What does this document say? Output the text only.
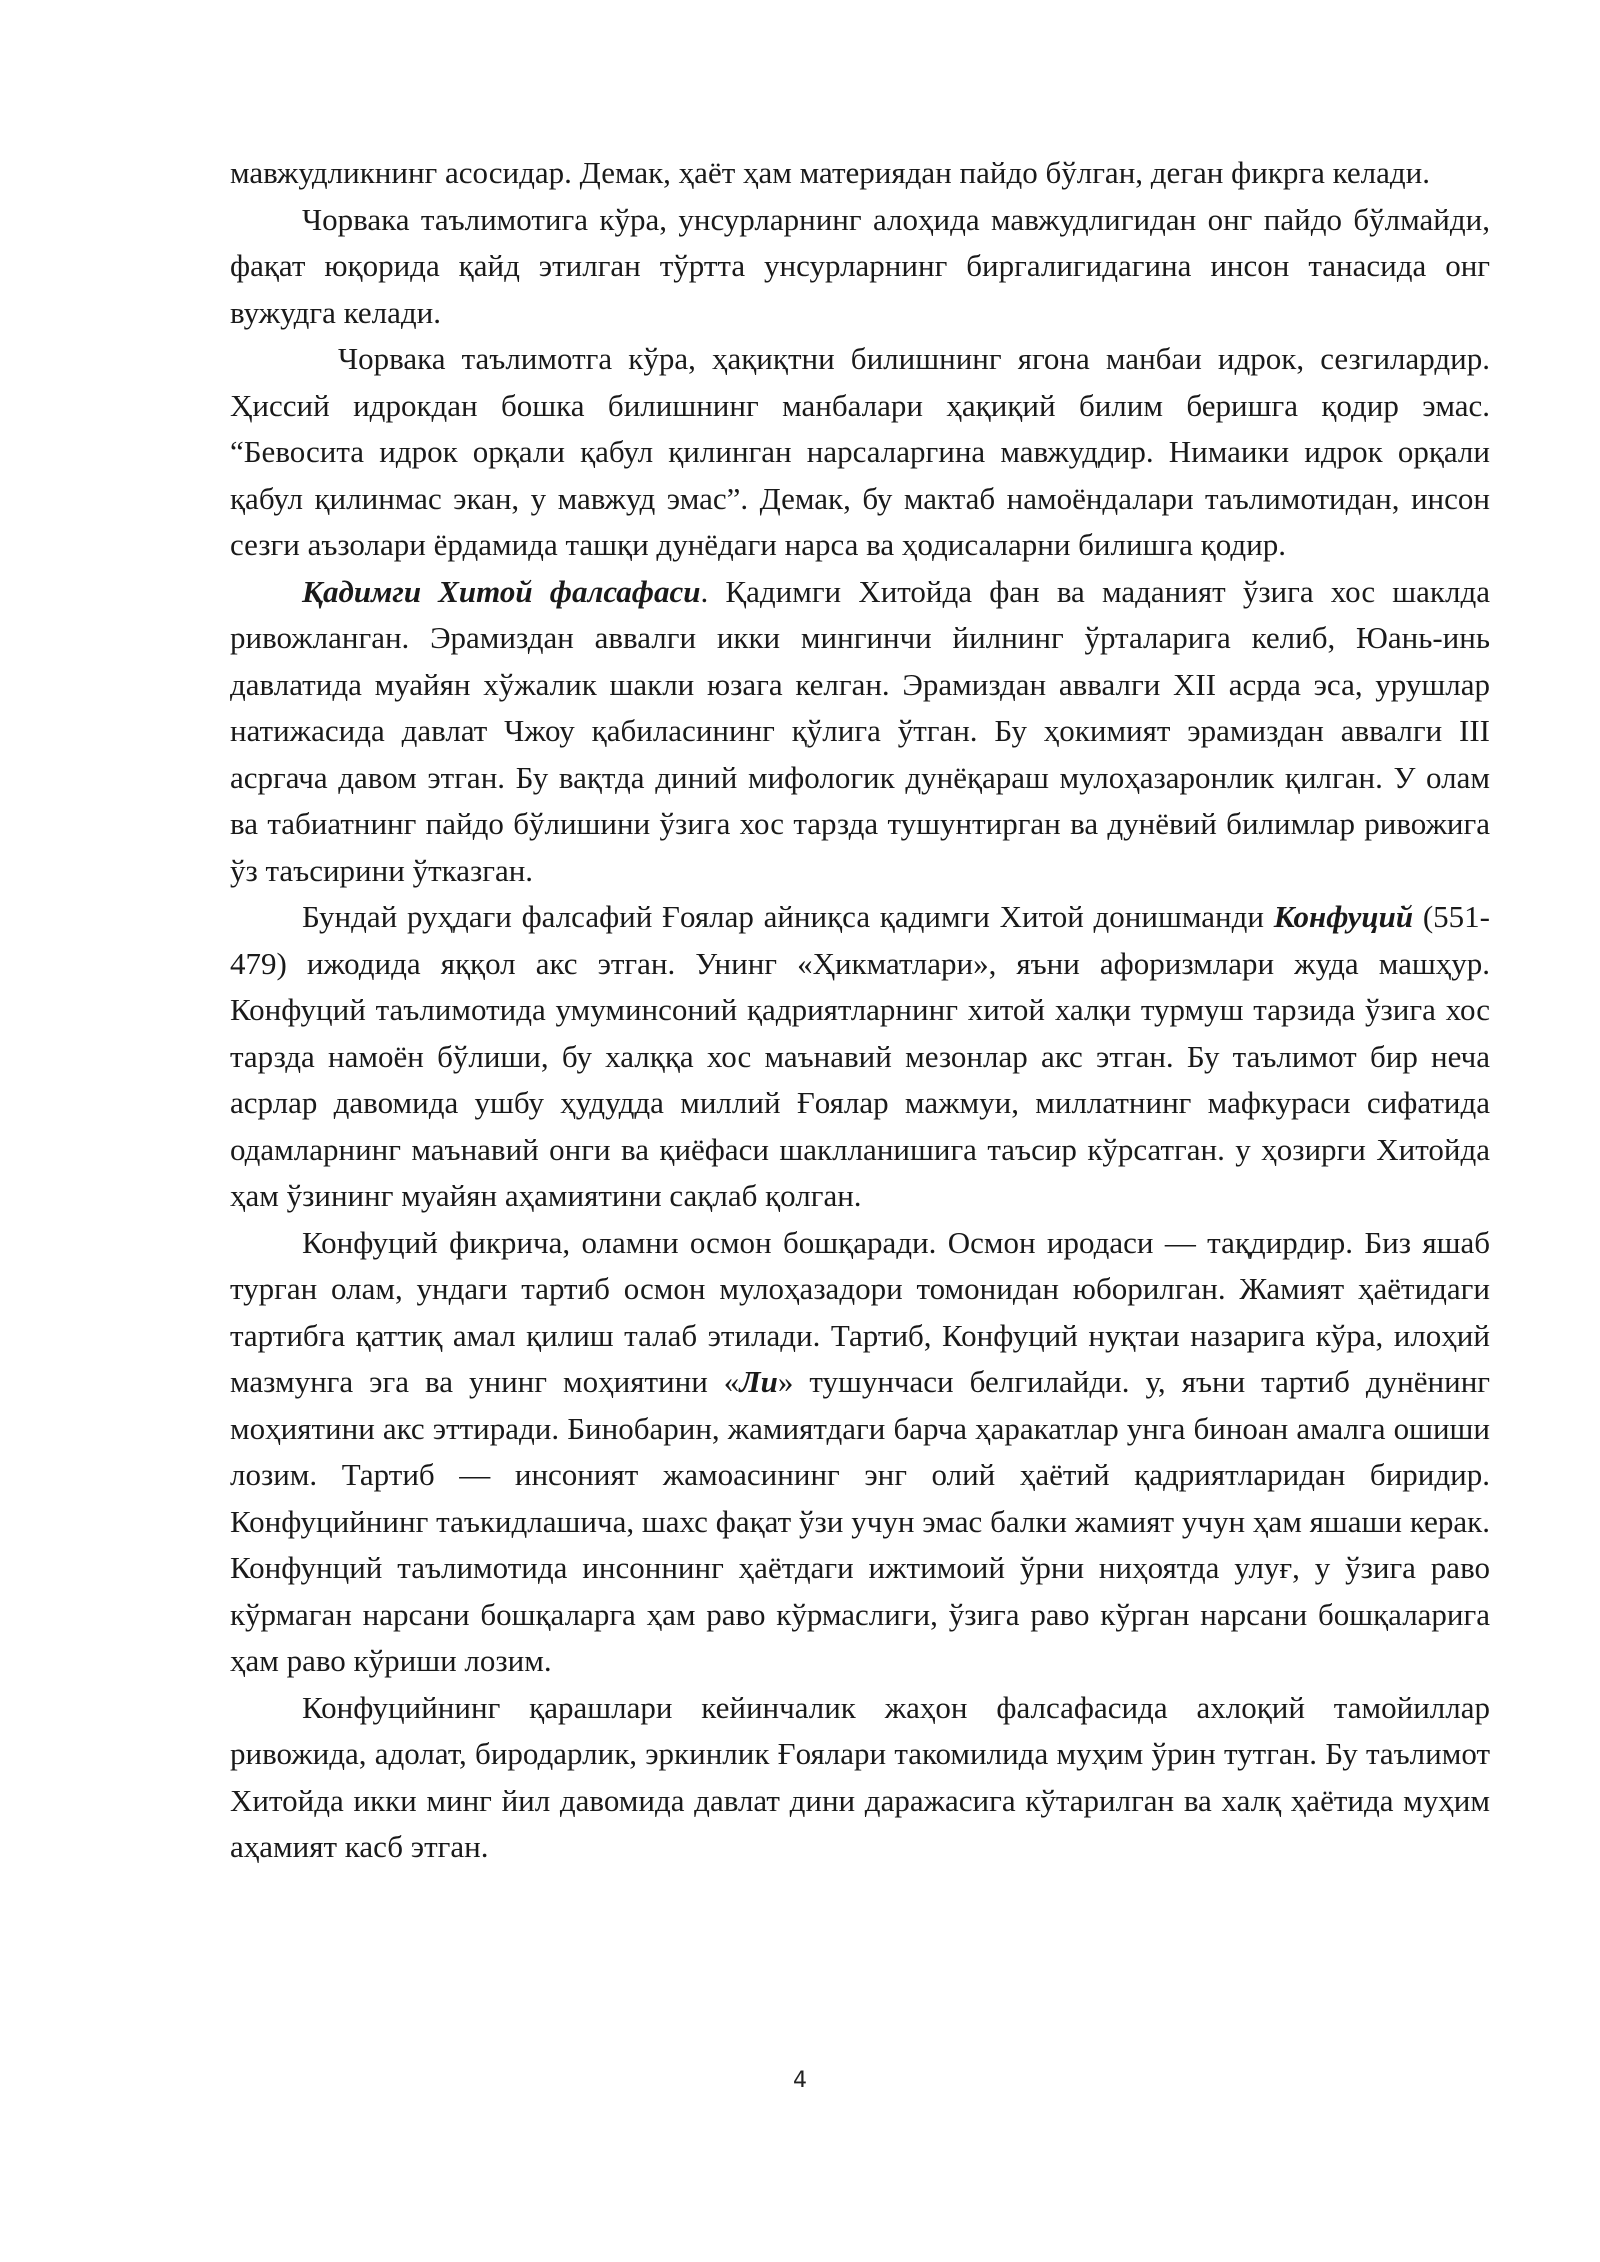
мавжудликнинг асосидар. Демак, ҳаёт ҳам материядан пайдо бўлган, деган фикрга келади.

Чорвака таълимотига кўра, унсурларнинг алоҳида мавжудлигидан онг пайдо бўлмайди, фақат юқорида қайд этилган тўртта унсурларнинг биргалигидагина инсон танасида онг вужудга келади.

Чорвака таълимотга кўра, ҳақиқтни билишнинг ягона манбаи идрок, сезгилардир. Ҳиссий идрокдан бошка билишнинг манбалари ҳақиқий билим беришга қодир эмас. “Бевосита идрок орқали қабул қилинган нарсаларгина мавжуддир. Нимаики идрок орқали қабул қилинмас экан, у мавжуд эмас”. Демак, бу мактаб намоёндалари таълимотидан, инсон сезги аъзолари ёрдамида ташқи дунёдаги нарса ва ҳодисаларни билишга қодир.

Қадимги Хитой фалсафаси. Қадимги Хитойда фан ва маданият ўзига хос шаклда ривожланган. Эрамиздан аввалги икки мингинчи йилнинг ўрталарига келиб, Юань-инь давлатида муайян хўжалик шакли юзага келган. Эрамиздан аввалги XII асрда эса, урушлар натижасида давлат Чжоу қабиласининг қўлига ўтган. Бу ҳокимият эрамиздан аввалги III асргача давом этган. Бу вақтда диний мифологик дунёқараш мулоҳазаронлик қилган. У олам ва табиатнинг пайдо бўлишини ўзига хос тарзда тушунтирган ва дунёвий билимлар ривожига ўз таъсирини ўтказган.

Бундай руҳдаги фалсафий Ғоялар айниқса қадимги Хитой донишманди Конфуций (551-479) ижодида яққол акс этган. Унинг «Ҳикматлари», яъни афоризмлари жуда машҳур. Конфуций таълимотида умуминсоний қадриятларнинг хитой халқи турмуш тарзида ўзига хос тарзда намоён бўлиши, бу халққа хос маънавий мезонлар акс этган. Бу таълимот бир неча асрлар давомида ушбу ҳудудда миллий Ғоялар мажмуи, миллатнинг мафкураси сифатида одамларнинг маънавий онги ва қиёфаси шаклланишига таъсир кўрсатган. у ҳозирги Хитойда ҳам ўзининг муайян аҳамиятини сақлаб қолган.

Конфуций фикрича, оламни осмон бошқаради. Осмон иродаси — тақдирдир. Биз яшаб турган олам, ундаги тартиб осмон мулоҳазадори томонидан юборилган. Жамият ҳаётидаги тартибга қаттиқ амал қилиш талаб этилади. Тартиб, Конфуций нуқтаи назарига кўра, илоҳий мазмунга эга ва унинг моҳиятини «Ли» тушунчаси белгилайди. у, яъни тартиб дунёнинг моҳиятини акс эттиради. Бинобарин, жамиятдаги барча ҳаракатлар унга биноан амалга ошиши лозим. Тартиб — инсоният жамоасининг энг олий ҳаётий қадриятларидан биридир. Конфуцийнинг таъкидлашича, шахс фақат ўзи учун эмас балки жамият учун ҳам яшаши керак. Конфунций таълимотида инсоннинг ҳаётдаги ижтимоий ўрни ниҳоятда улуғ, у ўзига раво кўрмаган нарсани бошқаларга ҳам раво кўрмаслиги, ўзига раво кўрган нарсани бошқаларига ҳам раво кўриши лозим.

Конфуцийнинг қарашлари кейинчалик жаҳон фалсафасида ахлоқий тамойиллар ривожида, адолат, биродарлик, эркинлик Ғоялари такомилида муҳим ўрин тутган. Бу таълимот Хитойда икки минг йил давомида давлат дини даражасига кўтарилган ва халқ ҳаётида муҳим аҳамият касб этган.

4
